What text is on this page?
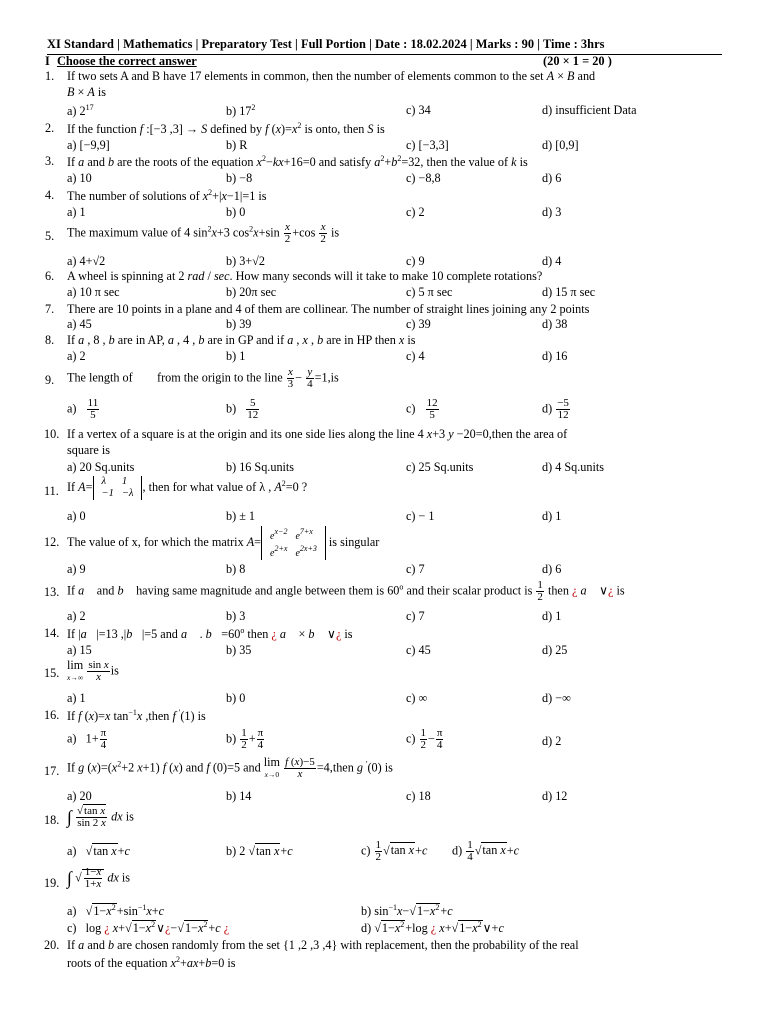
XI Standard | Mathematics | Preparatory Test | Full Portion | Date : 18.02.2024 | Marks : 90 | Time : 3hrs
I Choose the correct answer	(20 × 1 = 20 )
1. If two sets A and B have 17 elements in common, then the number of elements common to the set A × B and
B × A is
a) $2^{17}$	b) $17^2$	c) 34	d) insufficient Data
2. If the function f :[−3 ,3] → S defined by f $(x)=x^2$ is onto, then S is
a) [−9,9]	b) R	c) [−3,3]	d) [0,9]
3. If a and b are the roots of the equation $x^2-kx+16=0$ and satisfy $a^2+b^2=32$, then the value of k is
a) 10	b) −8	c) −8,8	d) 6
4. The number of solutions of $x^2+|x-1|=1$ is
a) 1	b) 0	c) 2	d) 3
5. The maximum value of 4 $\sin^2x+3$ $\cos^2x+\sin \frac{x}{2} +\cos \frac{x}{2}$ is
a) 4+√2	b) 3+√2	c) 9	d) 4
6. A wheel is spinning at 2 rad / sec. How many seconds will it take to make 10 complete rotations?
a) 10 π sec	b) 20π sec	c) 5 π sec	d) 15 π sec
7. There are 10 points in a plane and 4 of them are collinear. The number of straight lines joining any 2 points
a) 45	b) 39	c) 39	d) 38
8. If a , 8 , b are in AP, a , 4 , b are in GP and if a , x , b are in HP then x is
a) 2	b) 1	c) 4	d) 16
9. The length of from the origin to the line $\frac{x}{3} - \frac{y}{4} =1,is$
$a) \frac{11}{5}$	$b) \frac{5}{12}$	$c) \frac{12}{5}$	$d) \frac{-5}{12}$
10. If a vertex of a square is at the origin and its one side lies along the line 4 x+3 y −20=0,then the area of
square is
a) 20 Sq.units	b) 16 Sq.units	c) 25 Sq.units	d) 4 Sq.units
11. If A= λ	1
−1	−λ , then for what value of λ , $A^2=0$ ?
a) 0	b) ± 1	c) − 1	d) 1
12. The value of x, for which the matrix $A= e^{x-2}$	$e^{7+x}$
$e^{2+x}$	$e^{2x+3}$ is singular
a) 9	b) 8	c) 7	d) 6
13. If a⃗ and b⃗ having same magnitude and angle between them is 60$^o$ and their scalar product is $\frac{1}{2}$ then ¿ a⃗ ∨¿ is
a) 2	b) 3	c) 7	d) 1
14. If |a⃗|=13 ,|b⃗|=5 and a⃗ . $b⃗=60^o$ then ¿ a⃗ × b⃗ ∨¿ is
a) 15	b) 35	c) 45	d) 25
15.
lim
$x\to\infty \frac{\text{sin x}}{x}$ is
a) 1	b) 0	c) ∞	d) −∞
16. If f (x)=x $\tan^{-1}x$ ,then f '(1) is
a)   $1+ \frac{\pi}{4}$	$b) \frac{1}{2} + \frac{\pi}{4}$	$c) \frac{1}{2} - \frac{\pi}{4}$	d) 2
17. If g $(x)=(x^2+2$ x+1) f (x) and f (0)=5 and lim
$x\to 0 \frac{f (x)-5}{x}$ =4,then g '(0) is
a) 20	b) 14	c) 18	d) 12
18. ∫ $\frac{\text{√tan x}}{\sin 2 x}$ dx is
a)   √tan x+c	b) 2 √tan x+c	$c) \frac{1}{2} √\tan$ x+c $d) \frac{1}{4} √\tan$ x+c
19. ∫ √ $\frac{1-x}{1+x}$ dx is
a)   $√1-x^2+\sin^{-1}x+c$	b) $\sin^{-1}x-√1-x^2+c$
c)   log ¿ $x+√1-x^2\vee¿-√1-x^2+c$ ¿	d) $√1-x^2+\log$ ¿ $x+√1-x^2\vee+c$
20. If a and b are chosen randomly from the set {1 ,2 ,3 ,4} with replacement, then the probability of the real
roots of the equation $x^2+ax+b=0$ is
